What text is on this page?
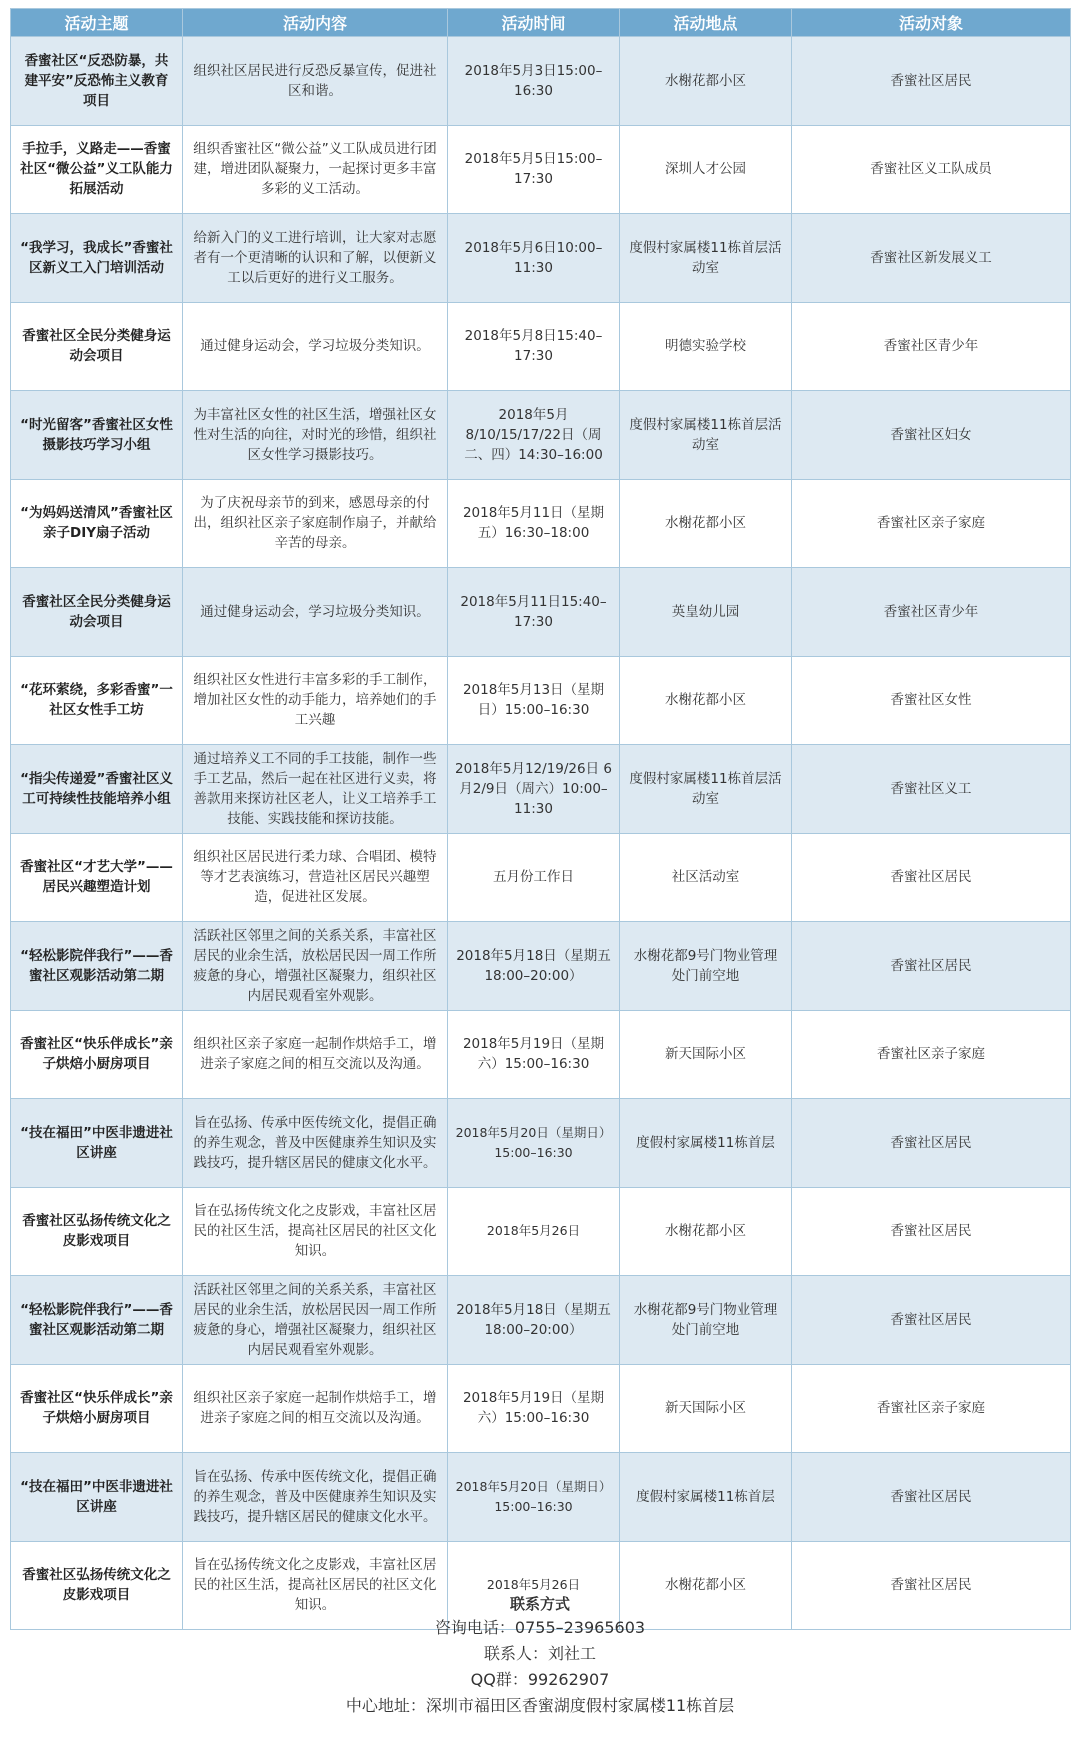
活动主题	活动内容	活动时间	活动地点	活动对象
香蜜社区“反恐防暴，共建平安”反恐怖主义教育项目	组织社区居民进行反恐反暴宣传，促进社区和谐。	2018年5月3日15:00–16:30	水榭花都小区	香蜜社区居民
手拉手，义路走——香蜜社区“微公益”义工队能力拓展活动	组织香蜜社区“微公益”义工队成员进行团建，增进团队凝聚力，一起探讨更多丰富多彩的义工活动。	2018年5月5日15:00–17:30	深圳人才公园	香蜜社区义工队成员
“我学习，我成长”香蜜社区新义工入门培训活动	给新入门的义工进行培训，让大家对志愿者有一个更清晰的认识和了解，以便新义工以后更好的进行义工服务。	2018年5月6日10:00–11:30	度假村家属楼11栋首层活动室	香蜜社区新发展义工
香蜜社区全民分类健身运动会项目	通过健身运动会，学习垃圾分类知识。	2018年5月8日15:40–17:30	明德实验学校	香蜜社区青少年
“时光留客”香蜜社区女性摄影技巧学习小组	为丰富社区女性的社区生活，增强社区女性对生活的向往，对时光的珍惜，组织社区女性学习摄影技巧。	2018年5月8/10/15/17/22日（周二、四）14:30–16:00	度假村家属楼11栋首层活动室	香蜜社区妇女
“为妈妈送清风”香蜜社区亲子DIY扇子活动	为了庆祝母亲节的到来，感恩母亲的付出，组织社区亲子家庭制作扇子，并献给辛苦的母亲。	2018年5月11日（星期五）16:30–18:00	水榭花都小区	香蜜社区亲子家庭
香蜜社区全民分类健身运动会项目	通过健身运动会，学习垃圾分类知识。	2018年5月11日15:40–17:30	英皇幼儿园	香蜜社区青少年
“花环萦绕，多彩香蜜”一社区女性手工坊	组织社区女性进行丰富多彩的手工制作，增加社区女性的动手能力，培养她们的手工兴趣	2018年5月13日（星期日）15:00–16:30	水榭花都小区	香蜜社区女性
“指尖传递爱”香蜜社区义工可持续性技能培养小组	通过培养义工不同的手工技能，制作一些手工艺品，然后一起在社区进行义卖，将善款用来探访社区老人，让义工培养手工技能、实践技能和探访技能。	2018年5月12/19/26日 6月2/9日（周六）10:00–11:30	度假村家属楼11栋首层活动室	香蜜社区义工
香蜜社区“才艺大学”——居民兴趣塑造计划	组织社区居民进行柔力球、合唱团、模特等才艺表演练习，营造社区居民兴趣塑造，促进社区发展。	五月份工作日	社区活动室	香蜜社区居民
“轻松影院伴我行”——香蜜社区观影活动第二期	活跃社区邻里之间的关系关系，丰富社区居民的业余生活，放松居民因一周工作所疲惫的身心，增强社区凝聚力，组织社区内居民观看室外观影。	2018年5月18日（星期五18:00–20:00）	水榭花都9号门物业管理处门前空地	香蜜社区居民
香蜜社区“快乐伴成长”亲子烘焙小厨房项目	组织社区亲子家庭一起制作烘焙手工，增进亲子家庭之间的相互交流以及沟通。	2018年5月19日（星期六）15:00–16:30	新天国际小区	香蜜社区亲子家庭
“技在福田”中医非遗进社区讲座	旨在弘扬、传承中医传统文化，提倡正确的养生观念，普及中医健康养生知识及实践技巧，提升辖区居民的健康文化水平。	2018年5月20日（星期日）15:00–16:30	度假村家属楼11栋首层	香蜜社区居民
香蜜社区弘扬传统文化之皮影戏项目	旨在弘扬传统文化之皮影戏，丰富社区居民的社区生活，提高社区居民的社区文化知识。	2018年5月26日	水榭花都小区	香蜜社区居民
“轻松影院伴我行”——香蜜社区观影活动第二期	活跃社区邻里之间的关系关系，丰富社区居民的业余生活，放松居民因一周工作所疲惫的身心，增强社区凝聚力，组织社区内居民观看室外观影。	2018年5月18日（星期五18:00–20:00）	水榭花都9号门物业管理处门前空地	香蜜社区居民
香蜜社区“快乐伴成长”亲子烘焙小厨房项目	组织社区亲子家庭一起制作烘焙手工，增进亲子家庭之间的相互交流以及沟通。	2018年5月19日（星期六）15:00–16:30	新天国际小区	香蜜社区亲子家庭
“技在福田”中医非遗进社区讲座	旨在弘扬、传承中医传统文化，提倡正确的养生观念，普及中医健康养生知识及实践技巧，提升辖区居民的健康文化水平。	2018年5月20日（星期日）15:00–16:30	度假村家属楼11栋首层	香蜜社区居民
香蜜社区弘扬传统文化之皮影戏项目	旨在弘扬传统文化之皮影戏，丰富社区居民的社区生活，提高社区居民的社区文化知识。	2018年5月26日	水榭花都小区	香蜜社区居民
联系方式
咨询电话：0755–23965603
联系人：刘社工
QQ群：99262907
中心地址：深圳市福田区香蜜湖度假村家属楼11栋首层
